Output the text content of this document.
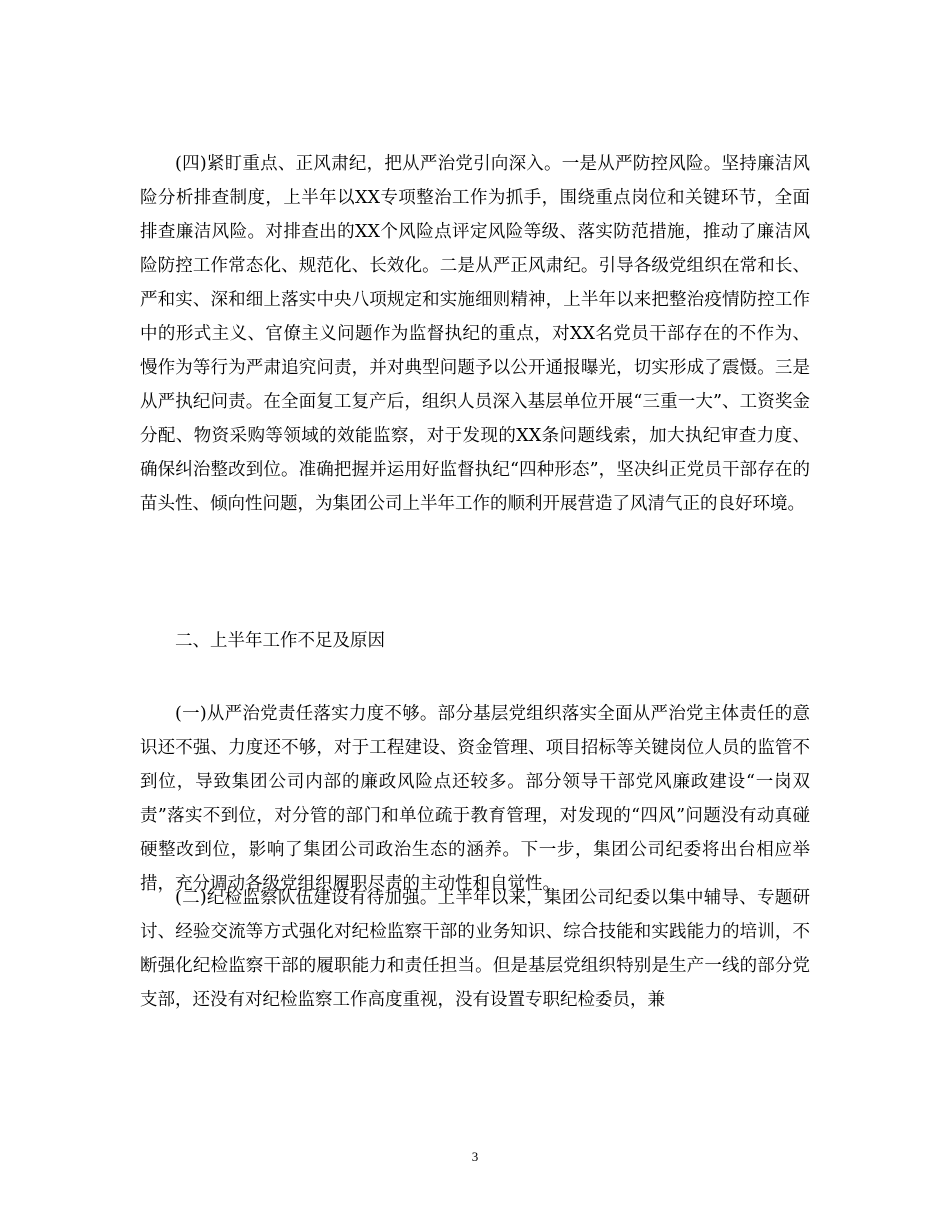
(四)紧盯重点、正风肃纪，把从严治党引向深入。一是从严防控风险。坚持廉洁风险分析排查制度，上半年以XX专项整治工作为抓手，围绕重点岗位和关键环节，全面排查廉洁风险。对排查出的XX个风险点评定风险等级、落实防范措施，推动了廉洁风险防控工作常态化、规范化、长效化。二是从严正风肃纪。引导各级党组织在常和长、严和实、深和细上落实中央八项规定和实施细则精神，上半年以来把整治疫情防控工作中的形式主义、官僚主义问题作为监督执纪的重点，对XX名党员干部存在的不作为、慢作为等行为严肃追究问责，并对典型问题予以公开通报曝光，切实形成了震慑。三是从严执纪问责。在全面复工复产后，组织人员深入基层单位开展“三重一大”、工资奖金分配、物资采购等领域的效能监察，对于发现的XX条问题线索，加大执纪审查力度、确保纠治整改到位。准确把握并运用好监督执纪“四种形态”，坚决纠正党员干部存在的苗头性、倾向性问题，为集团公司上半年工作的顺利开展营造了风清气正的良好环境。

二、上半年工作不足及原因

(一)从严治党责任落实力度不够。部分基层党组织落实全面从严治党主体责任的意识还不强、力度还不够，对于工程建设、资金管理、项目招标等关键岗位人员的监管不到位，导致集团公司内部的廉政风险点还较多。部分领导干部党风廉政建设“一岗双责”落实不到位，对分管的部门和单位疏于教育管理，对发现的“四风”问题没有动真碰硬整改到位，影响了集团公司政治生态的涵养。下一步，集团公司纪委将出台相应举措，充分调动各级党组织履职尽责的主动性和自觉性。

(二)纪检监察队伍建设有待加强。上半年以来，集团公司纪委以集中辅导、专题研讨、经验交流等方式强化对纪检监察干部的业务知识、综合技能和实践能力的培训，不断强化纪检监察干部的履职能力和责任担当。但是基层党组织特别是生产一线的部分党支部，还没有对纪检监察工作高度重视，没有设置专职纪检委员，兼

3
